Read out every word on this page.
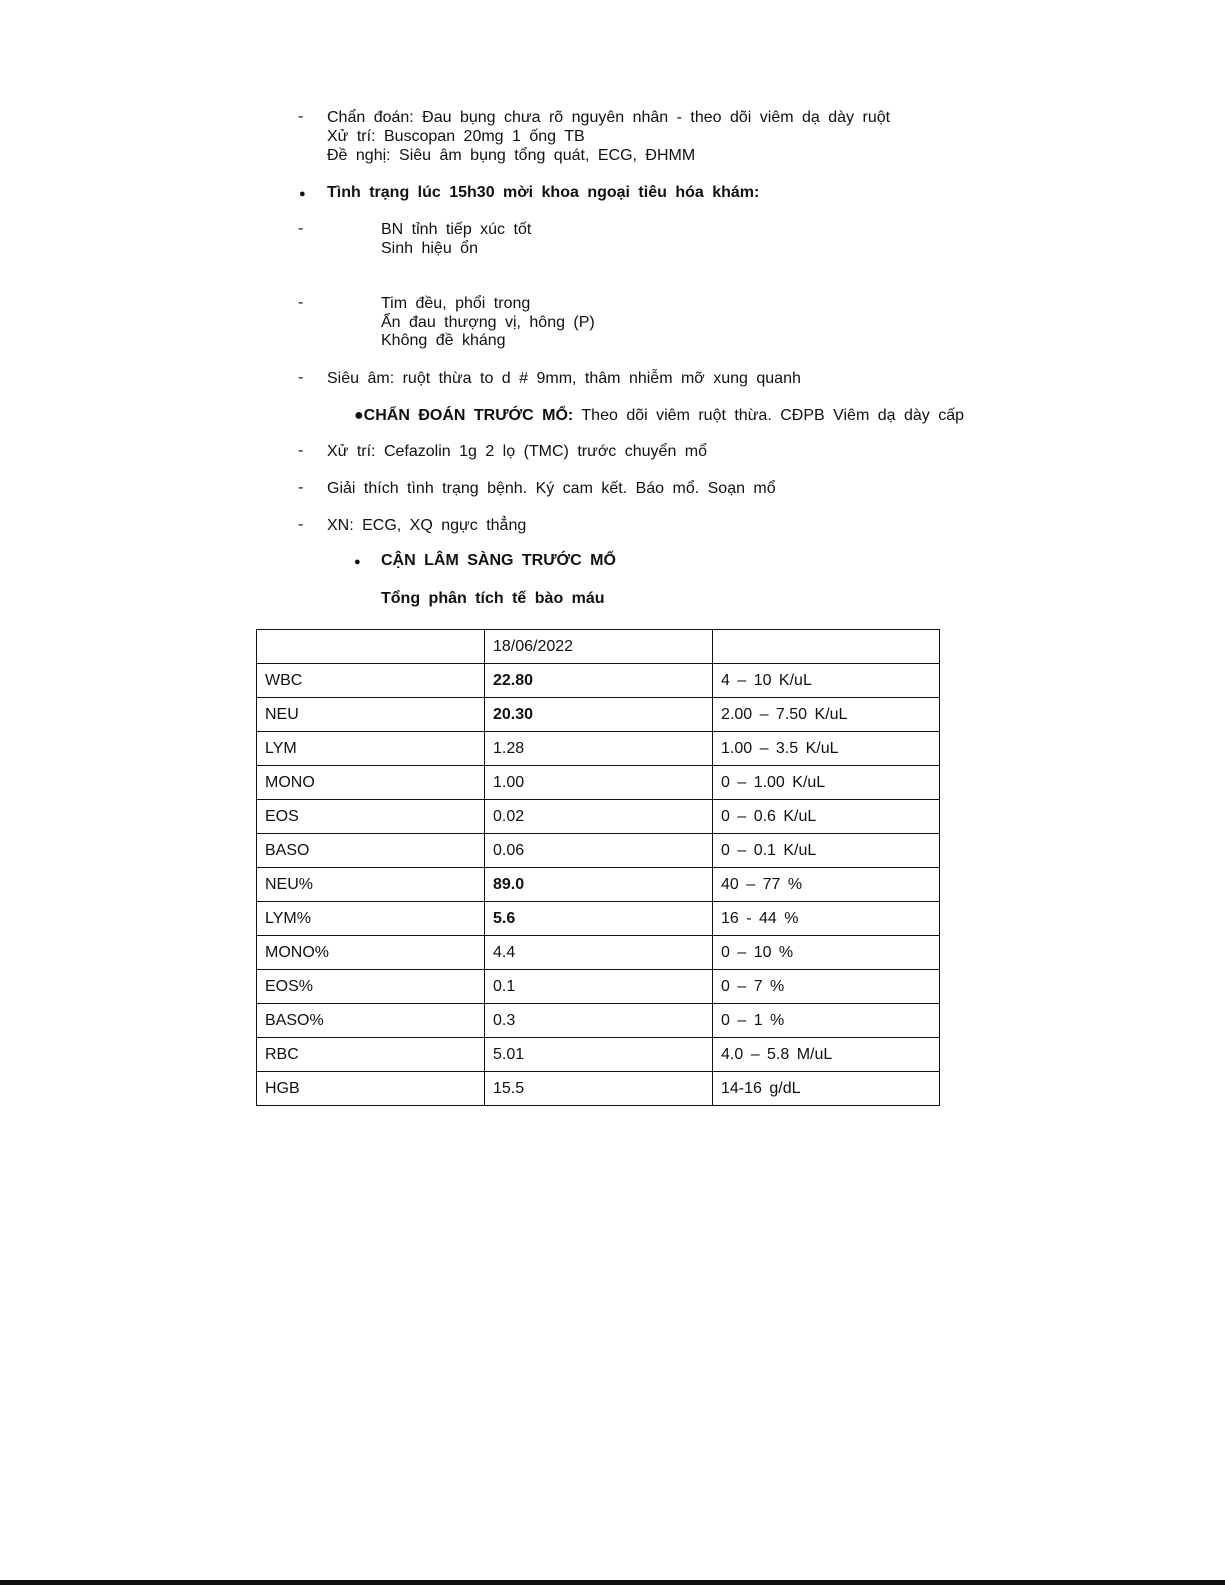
-
Chẩn đoán: Đau bụng chưa rõ nguyên nhân - theo dõi viêm dạ dày ruột
Xử trí: Buscopan 20mg 1 ống TB
Đề nghị: Siêu âm bụng tổng quát, ECG, ĐHMM
●
Tình trạng lúc 15h30 mời khoa ngoại tiêu hóa khám:
-
BN tỉnh tiếp xúc tốt
Sinh hiệu ổn
-
Tim đều, phổi trong
Ấn đau thượng vị, hông (P)
Không đề kháng
-
Siêu âm: ruột thừa to d # 9mm, thâm nhiễm mỡ xung quanh
●CHẨN ĐOÁN TRƯỚC MỔ: Theo dõi viêm ruột thừa. CĐPB Viêm dạ dày cấp
-
Xử trí: Cefazolin 1g 2 lọ (TMC) trước chuyển mổ
-
Giải thích tình trạng bệnh. Ký cam kết. Báo mổ. Soạn mổ
-
XN: ECG, XQ ngực thẳng
●
CẬN LÂM SÀNG TRƯỚC MỔ
Tổng phân tích tế bào máu
	18/06/2022	
WBC	22.80	4 – 10 K/uL
NEU	20.30	2.00 – 7.50 K/uL
LYM	1.28	1.00 – 3.5 K/uL
MONO	1.00	0 – 1.00 K/uL
EOS	0.02	0 – 0.6 K/uL
BASO	0.06	0 – 0.1 K/uL
NEU%	89.0	40 – 77 %
LYM%	5.6	16 - 44 %
MONO%	4.4	0 – 10 %
EOS%	0.1	0 – 7 %
BASO%	0.3	0 – 1 %
RBC	5.01	4.0 – 5.8 M/uL
HGB	15.5	14-16 g/dL
